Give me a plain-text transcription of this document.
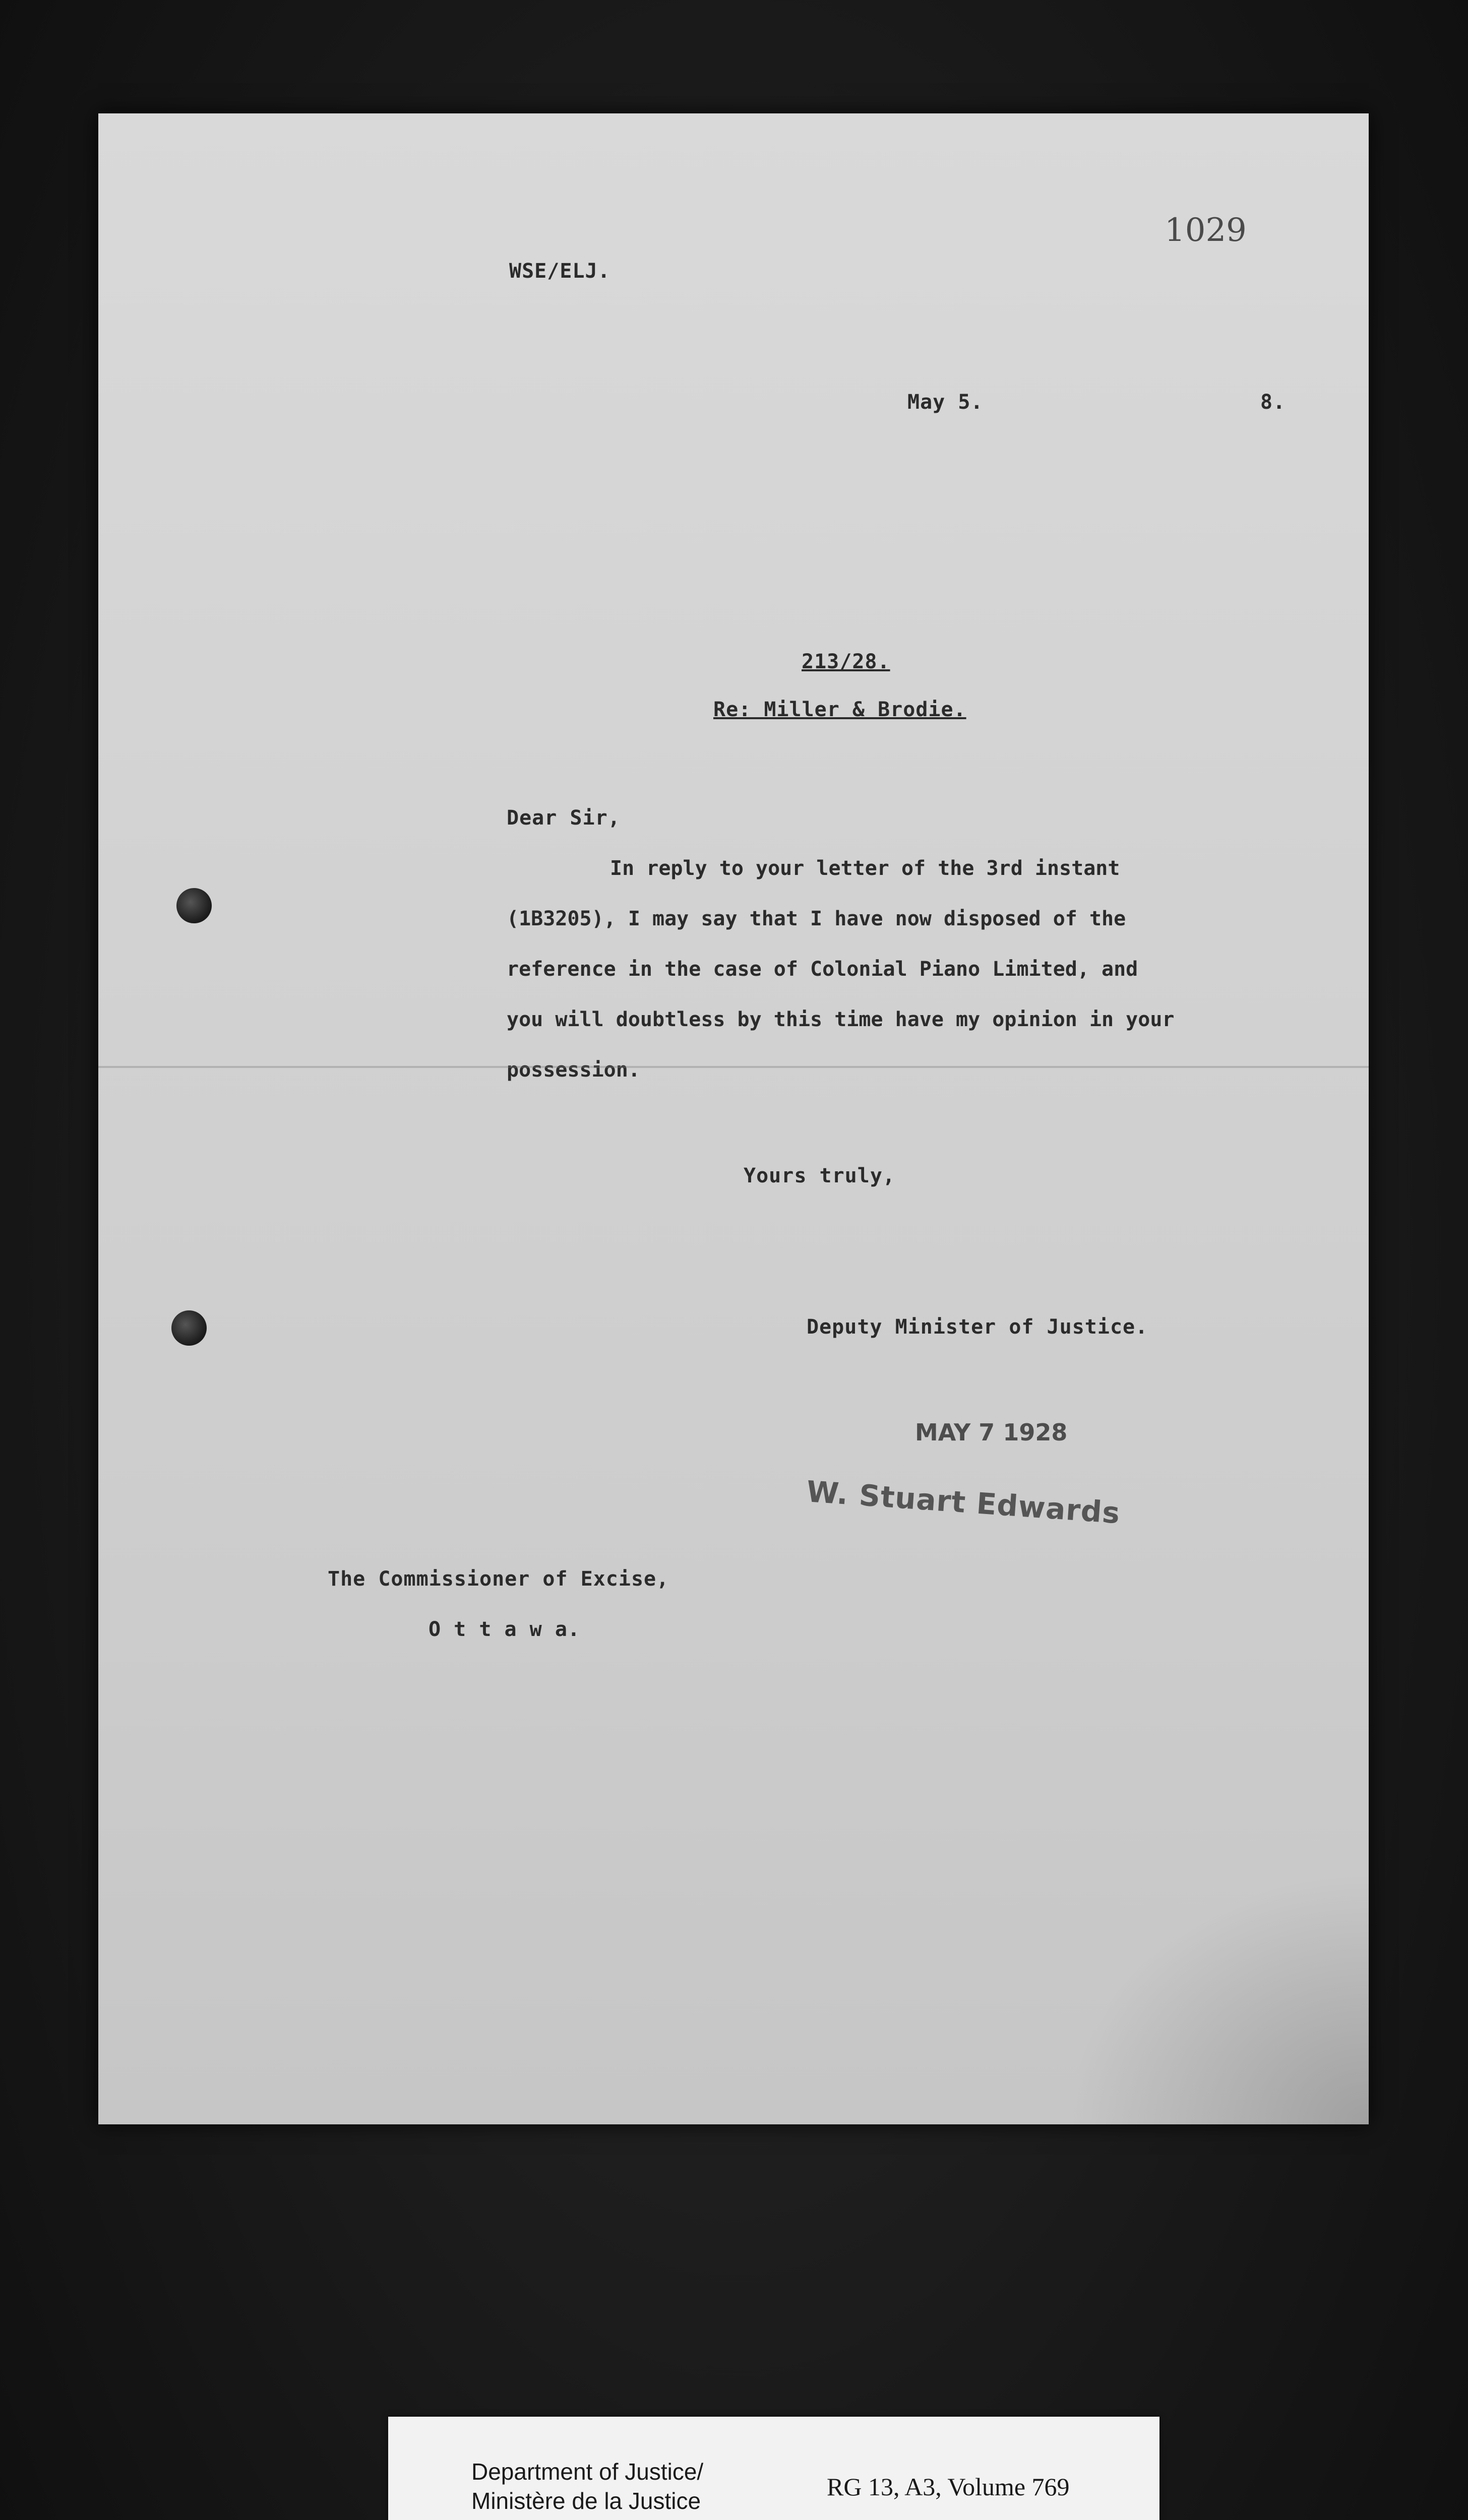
WSE/ELJ.
1029
May 5.	8.
213/28.
Re: Miller & Brodie.
Dear Sir,
In reply to your letter of the 3rd instant
(1B3205), I may say that I have now disposed of the
reference in the case of Colonial Piano Limited, and
you will doubtless by this time have my opinion in your
possession.
Yours truly,
Deputy Minister of Justice.
MAY 7 1928
W. Stuart Edwards
The Commissioner of Excise,
O t t a w a.
Department of Justice/
Ministère de la Justice	RG 13, A3, Volume 769
